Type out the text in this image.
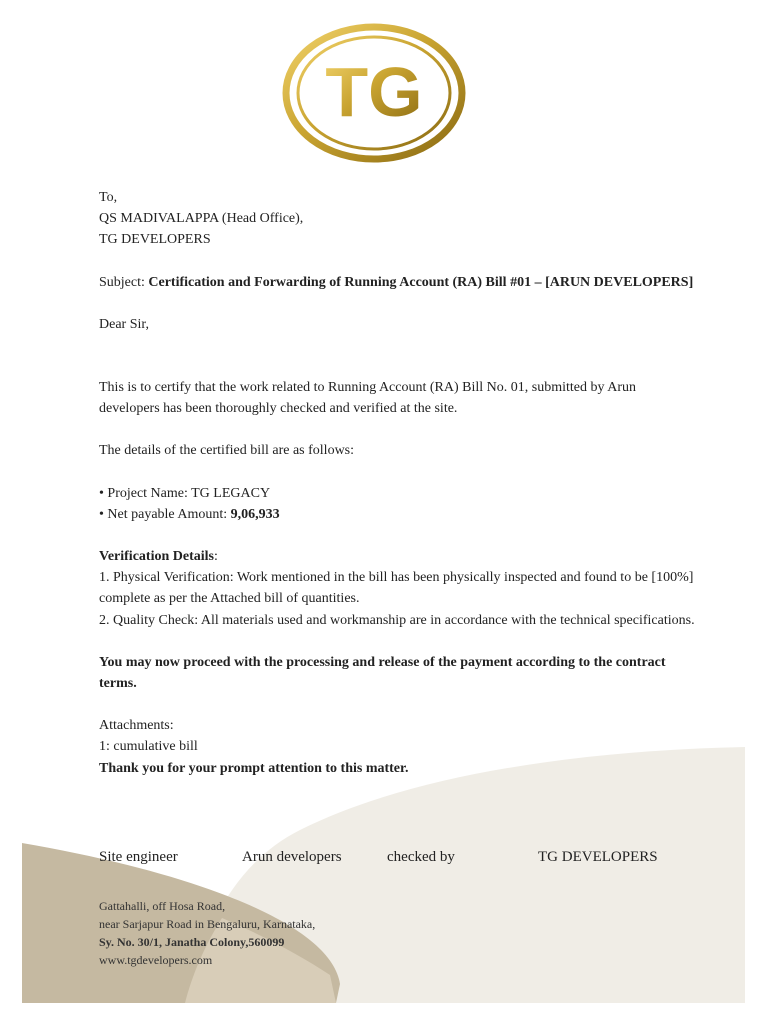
TG

To,

QS MADIVALAPPA (Head Office),

TG DEVELOPERS

Subject: Certification and Forwarding of Running Account (RA) Bill #01 – [ARUN DEVELOPERS]

Dear Sir,

This is to certify that the work related to Running Account (RA) Bill No. 01, submitted by Arun developers has been thoroughly checked and verified at the site.

The details of the certified bill are as follows:

• Project Name: TG LEGACY

• Net payable Amount: 9,06,933

Verification Details:

1. Physical Verification: Work mentioned in the bill has been physically inspected and found to be [100%] complete as per the Attached bill of quantities.

2. Quality Check: All materials used and workmanship are in accordance with the technical specifications.

You may now proceed with the processing and release of the payment according to the contract terms.

Attachments:

1: cumulative bill

Thank you for your prompt attention to this matter.

Site engineer	Arun developers	checked by	TG DEVELOPERS

Gattahalli, off Hosa Road,

near Sarjapur Road in Bengaluru, Karnataka,

Sy. No. 30/1, Janatha Colony,560099

www.tgdevelopers.com
